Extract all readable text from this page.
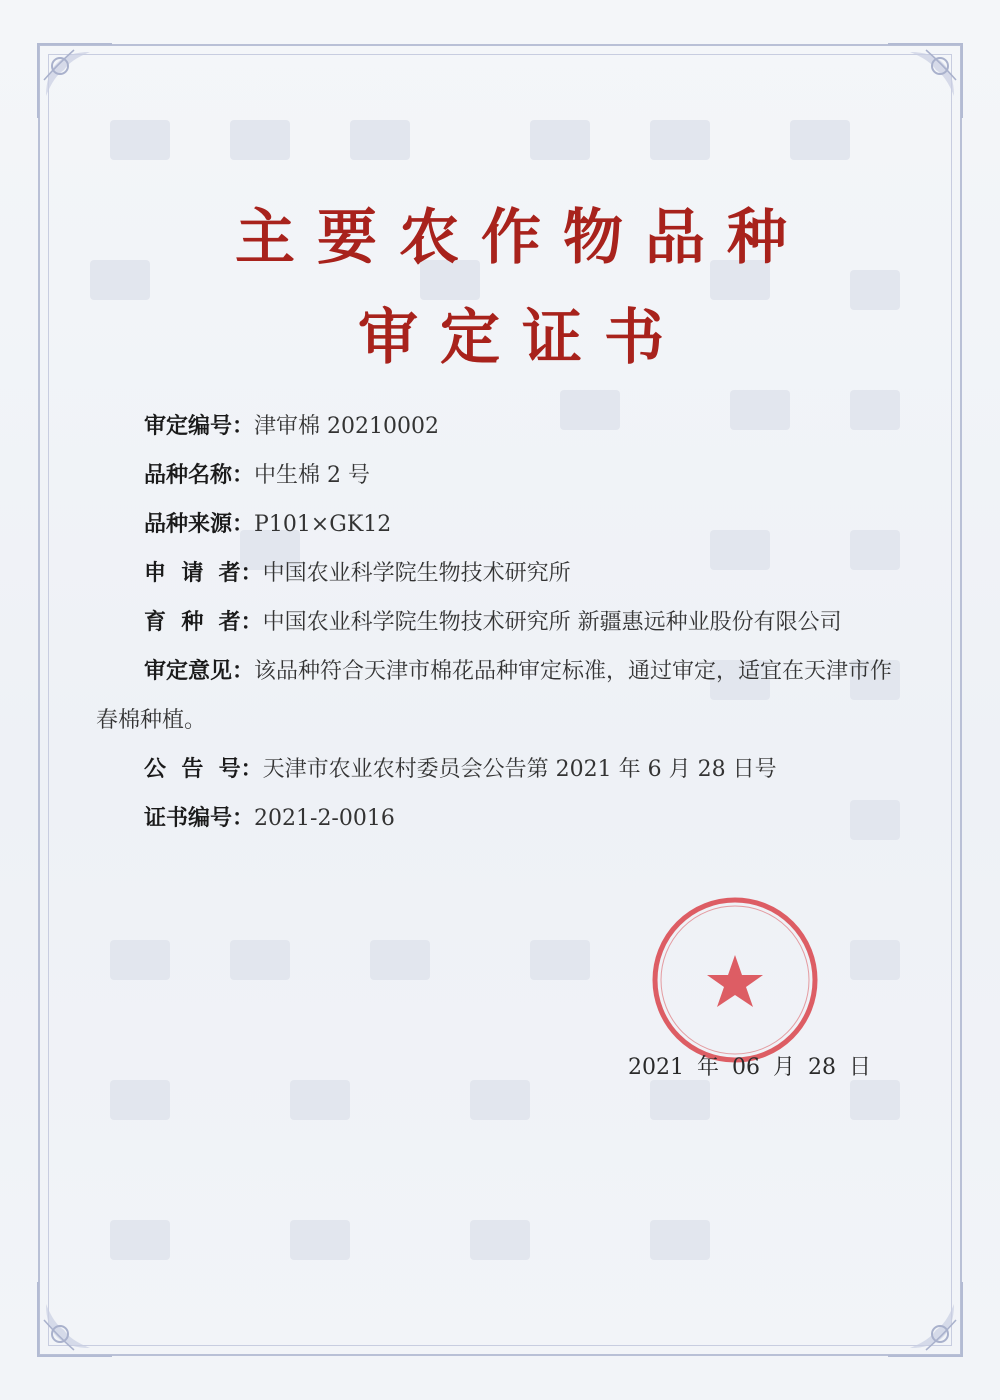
主要农作物品种
审定证书
审定编号：津审棉 20210002
品种名称：中生棉 2 号
品种来源：P101×GK12
申  请  者：中国农业科学院生物技术研究所
育  种  者：中国农业科学院生物技术研究所 新疆惠远种业股份有限公司
审定意见：该品种符合天津市棉花品种审定标准，通过审定，适宜在天津市作春棉种植。
公  告  号：天津市农业农村委员会公告第 2021 年 6 月 28 日号
证书编号：2021-2-0016
2021 年 06 月 28 日
